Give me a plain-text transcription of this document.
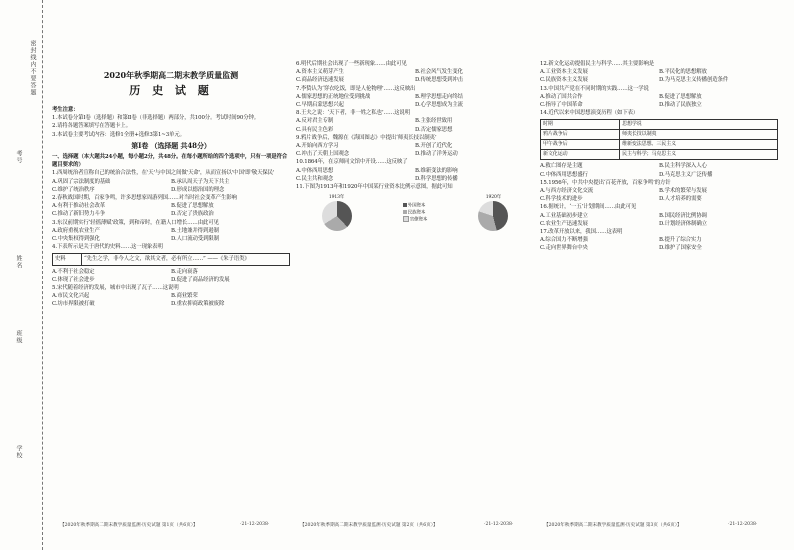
考号
姓名
班级
学校
密封线内不要答题	2020年秋季期高二期末教学质量监测
历 史 试 题

考生注意：

1.本试卷分第Ⅰ卷（选择题）和第Ⅱ卷（非选择题）两部分，共100分。考试时间90分钟。

2.请将各题答案填写在答题卡上。

3.本试卷主要考试内容：选修1全册+选修3第1~3单元。

第Ⅰ卷 （选择题 共48分）

一、选择题（本大题共24小题，每小题2分，共48分。在每小题所给的四个选项中，只有一项是符合题目要求的）

1.西周统治者宣称自己的统治合法性，在'天'与中国之间做'天命'，从而宣扬以'中国'即'敬天保民'

A.巩固了宗法制度的基础	B.承认周天子为天下共主
C.维护了统治秩序	D.形成以德治国的理念

2.春秋战国时期，百家争鸣，许多思想家周游列国……对当时社会变革产生影响

A.有利于推动社会改革	B.促进了思想解放
C.推动了新旧势力斗争	D.否定了贵族政治

3.东汉前期实行‘轻徭薄赋’政策，到和帝时，在籍人口增长……由此可见

A.政府重视农业生产	B.土地兼并得到遏制
C.中央集权得到强化	D.人口流动受到限制

4.下表所示是关于唐代的史料……这一现象表明

史料	“先生之学，非今人之文，欲其文者，必有所立……” ——《朱子语类》
A.不利于社会稳定	B.走向衰落
C.体现了社会进步	D.促进了商品经济的发展

5.宋代随着经济的发展，城市中出现了瓦子……这说明

A.市民文化兴起	B.商业繁荣
C.坊市界限被打破	D.重农抑商政策被废除

6.明代后期社会出现了一些新现象……由此可见

A.资本主义萌芽产生	B.社会风气发生变化
C.商品经济迅速发展	D.传统思想受到冲击

7.李贽认为‘穿衣吃饭，即是人伦物理’……这反映出

A.儒家思想的正统地位受到挑战	B.理学思想走向终结
C.早期启蒙思想兴起	D.心学思想成为主流

8.王夫之说：‘天下者，非一姓之私也’……这说明

A.反对君主专制	B.主张经世致用
C.具有民主色彩	D.否定儒家思想

9.鸦片战争后，魏源在《海国图志》中提出‘师夷长技以制夷’

A.开始向西方学习	B.开创了近代化
C.冲击了天朝上国观念	D.推动了洋务运动

10.1864年，在京师同文馆中开设……这反映了

A.中体西用思想	B.维新变法的影响
C.民主共和观念	D.科学思想的传播

11.下图为1913年和1920年中国某行业资本比例示意图，据此可知

1913年
外国资本
民族资本
官僚资本
1920年

12.新文化运动提倡民主与科学……其主要影响是

A.工业资本主义发展	B.平民化的思想解放
C.民族资本主义发展	D.为马克思主义传播创造条件

13.中国共产党在不同时期的实践……这一学说

A.推动了国共合作	B.促进了思想解放
C.指导了中国革命	D.推动了民族独立

14.近代以来中国思想演变历程（如下表）

时期	思想学说
鸦片战争后	师夷长技以制夷
甲午战争后	维新变法思想、三民主义
新文化运动	民主与科学；马克思主义
A.救亡图存是主题	B.民主科学深入人心
C.中体西用思想盛行	D.马克思主义广泛传播

15.1956年，中共中央提出‘百花齐放，百家争鸣’的方针

A.与西方经济文化交流	B.学术的繁荣与发展
C.科学技术的进步	D.人才培养的需要

16.据统计，‘一五’计划期间……由此可见

A.工业基础初步建立	B.国民经济比例协调
C.农业生产迅速发展	D.计划经济体制确立

17.改革开放以来，我国……这表明

A.综合国力不断增强	B.提升了综合实力
C.走向世界舞台中央	D.维护了国家安全
【2020年秋季期高二期末教学质量监测·历史试题 第1页（共6页）】	·21-12-2038·	【2020年秋季期高二期末教学质量监测·历史试题 第2页（共6页）】	·21-12-2038·	【2020年秋季期高二期末教学质量监测·历史试题 第3页（共6页）】	·21-12-2038·
